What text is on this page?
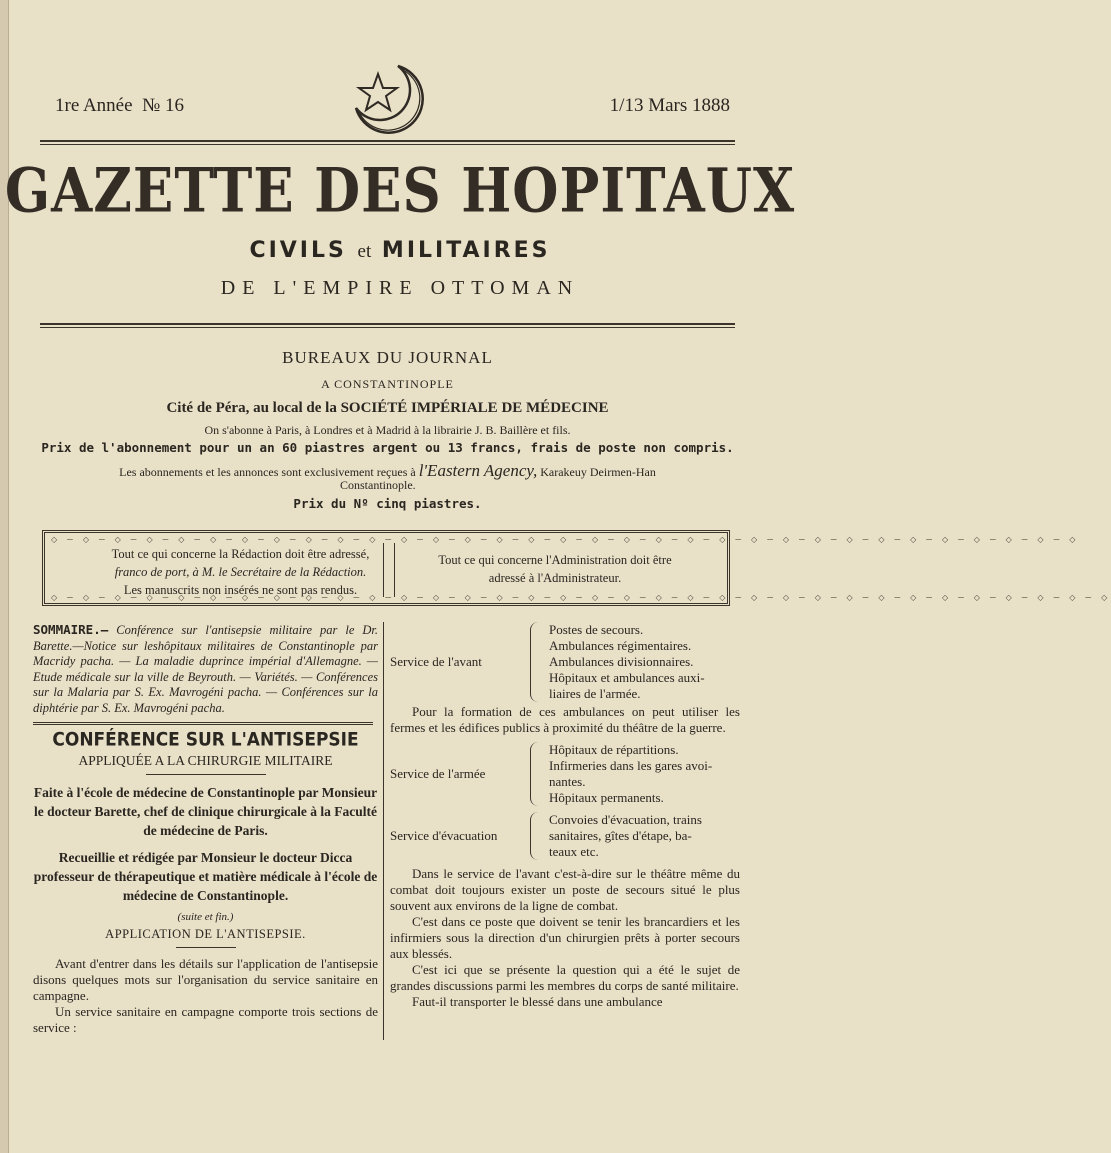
1re Année № 16	1/13 Mars 1888
GAZETTE DES HOPITAUX
CIVILS et MILITAIRES
DE L'EMPIRE OTTOMAN
BUREAUX DU JOURNAL
A CONSTANTINOPLE
Cité de Péra, au local de la SOCIÉTÉ IMPÉRIALE DE MÉDECINE
On s'abonne à Paris, à Londres et à Madrid à la librairie J. B. Baillère et fils.
Prix de l'abonnement pour un an 60 piastres argent ou 13 francs, frais de poste non compris.
Les abonnements et les annonces sont exclusivement reçues à l'Eastern Agency, Karakeuy Deirmen-Han
Constantinople.
Prix du Nº cinq piastres.
◇ ─ ◇ ─ ◇ ─ ◇ ─ ◇ ─ ◇ ─ ◇ ─ ◇ ─ ◇ ─ ◇ ─ ◇ ─ ◇ ─ ◇ ─ ◇ ─ ◇ ─ ◇ ─ ◇ ─ ◇ ─ ◇ ─ ◇ ─ ◇ ─ ◇ ─ ◇ ─ ◇ ─ ◇ ─ ◇ ─ ◇ ─ ◇ ─ ◇ ─ ◇ ─ ◇ ─ ◇ ─ ◇
Tout ce qui concerne la Rédaction doit être adressé,
franco de port, à M. le Secrétaire de la Rédaction.
Les manuscrits non insérés ne sont pas rendus.
Tout ce qui concerne l'Administration doit être
adressé à l'Administrateur.
◇ ─ ◇ ─ ◇ ─ ◇ ─ ◇ ─ ◇ ─ ◇ ─ ◇ ─ ◇ ─ ◇ ─ ◇ ─ ◇ ─ ◇ ─ ◇ ─ ◇ ─ ◇ ─ ◇ ─ ◇ ─ ◇ ─ ◇ ─ ◇ ─ ◇ ─ ◇ ─ ◇ ─ ◇ ─ ◇ ─ ◇ ─ ◇ ─ ◇ ─ ◇ ─ ◇ ─ ◇ ─ ◇ ─ ◇
SOMMAIRE.— Conférence sur l'antisepsie militaire par le Dr. Barette.—Notice sur leshôpitaux militaires de Constantinople par Macridy pacha. — La maladie duprince impérial d'Allemagne. — Etude médicale sur la ville de Beyrouth. — Variétés. — Conférences sur la Malaria par S. Ex. Mavrogéni pacha. — Conférences sur la diphtérie par S. Ex. Mavrogéni pacha.
CONFÉRENCE SUR L'ANTISEPSIE
APPLIQUÉE A LA CHIRURGIE MILITAIRE
Faite à l'école de médecine de Constantinople par Monsieur le docteur Barette, chef de clinique chirurgicale à la Faculté de médecine de Paris.
Recueillie et rédigée par Monsieur le docteur Dicca professeur de thérapeutique et matière médicale à l'école de médecine de Constantinople.
(suite et fin.)
APPLICATION DE L'ANTISEPSIE.
Avant d'entrer dans les détails sur l'application de l'antisepsie disons quelques mots sur l'organisation du service sanitaire en campagne.
Un service sanitaire en campagne comporte trois sections de service :
Service de l'avant
Postes de secours.
Ambulances régimentaires.
Ambulances divisionnaires.
Hôpitaux et ambulances auxi-
liaires de l'armée.
Pour la formation de ces ambulances on peut utiliser les fermes et les édifices publics à proximité du théâtre de la guerre.
Service de l'armée
Hôpitaux de répartitions.
Infirmeries dans les gares avoi-
nantes.
Hôpitaux permanents.
Service d'évacuation
Convoies d'évacuation, trains
sanitaires, gîtes d'étape, ba-
teaux etc.
Dans le service de l'avant c'est-à-dire sur le théâtre même du combat doit toujours exister un poste de secours situé le plus souvent aux environs de la ligne de combat.
C'est dans ce poste que doivent se tenir les brancardiers et les infirmiers sous la direction d'un chirurgien prêts à porter secours aux blessés.
C'est ici que se présente la question qui a été le sujet de grandes discussions parmi les membres du corps de santé militaire.
Faut-il transporter le blessé dans une ambulance
